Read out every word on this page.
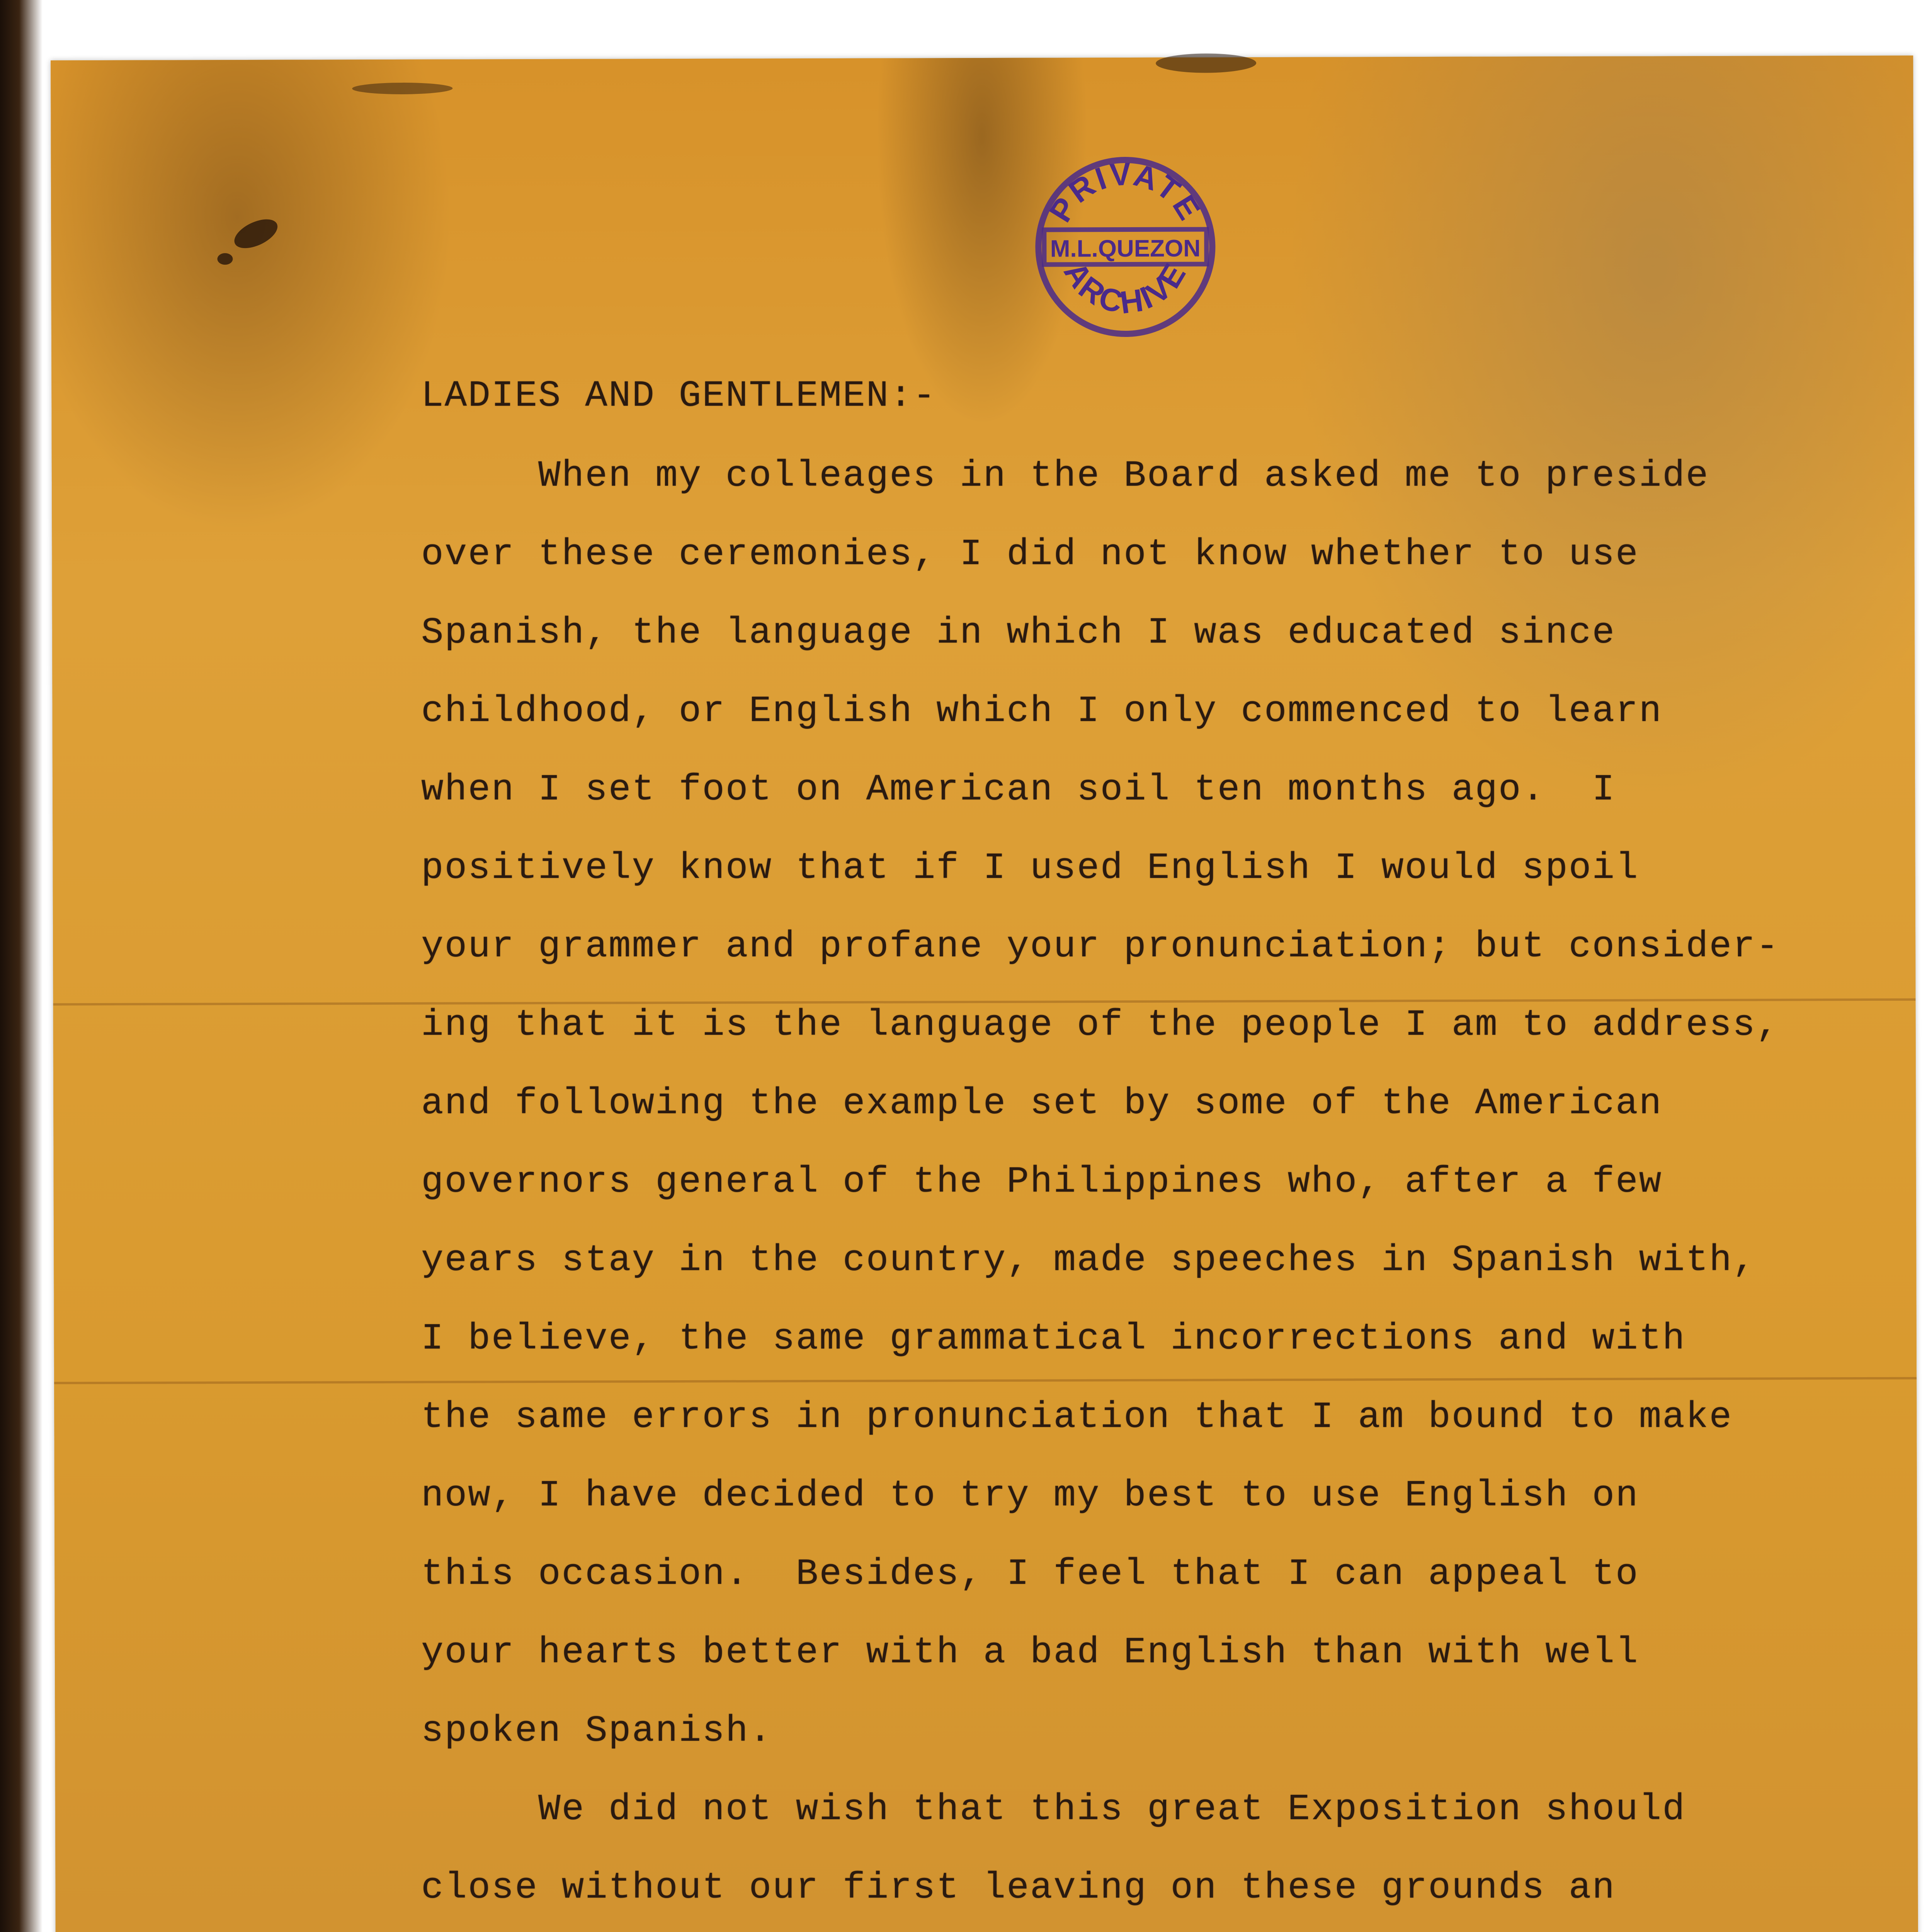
PRIVATE
M.L.QUEZON
ARCHIVE
LADIES AND GENTLEMEN:-
When my colleages in the Board asked me to preside
over these ceremonies, I did not know whether to use
Spanish, the language in which I was educated since
childhood, or English which I only commenced to learn
when I set foot on American soil ten months ago.  I
positively know that if I used English I would spoil
your grammer and profane your pronunciation; but consider-
ing that it is the language of the people I am to address,
and following the example set by some of the American
governors general of the Philippines who, after a few
years stay in the country, made speeches in Spanish with,
I believe, the same grammatical incorrections and with
the same errors in pronunciation that I am bound to make
now, I have decided to try my best to use English on
this occasion.  Besides, I feel that I can appeal to
your hearts better with a bad English than with well
spoken Spanish.
We did not wish that this great Exposition should
close without our first leaving on these grounds an
